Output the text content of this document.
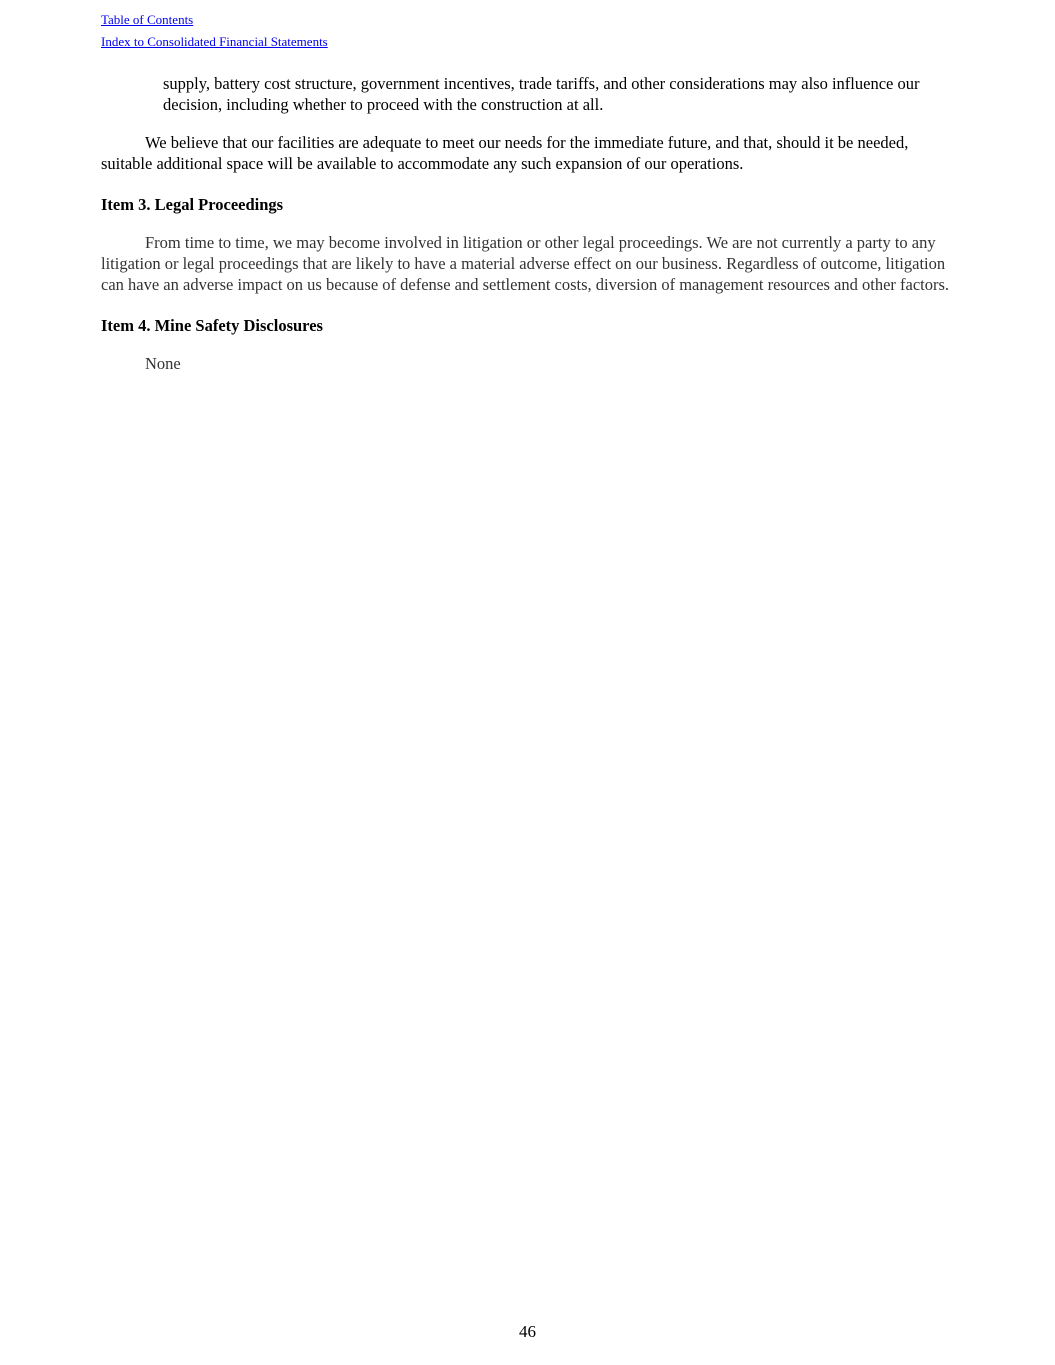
Table of Contents
Index to Consolidated Financial Statements

supply, battery cost structure, government incentives, trade tariffs, and other considerations may also influence our decision, including whether to proceed with the construction at all.

We believe that our facilities are adequate to meet our needs for the immediate future, and that, should it be needed, suitable additional space will be available to accommodate any such expansion of our operations.

Item 3. Legal Proceedings

From time to time, we may become involved in litigation or other legal proceedings. We are not currently a party to any litigation or legal proceedings that are likely to have a material adverse effect on our business. Regardless of outcome, litigation can have an adverse impact on us because of defense and settlement costs, diversion of management resources and other factors.

Item 4. Mine Safety Disclosures

None

46
